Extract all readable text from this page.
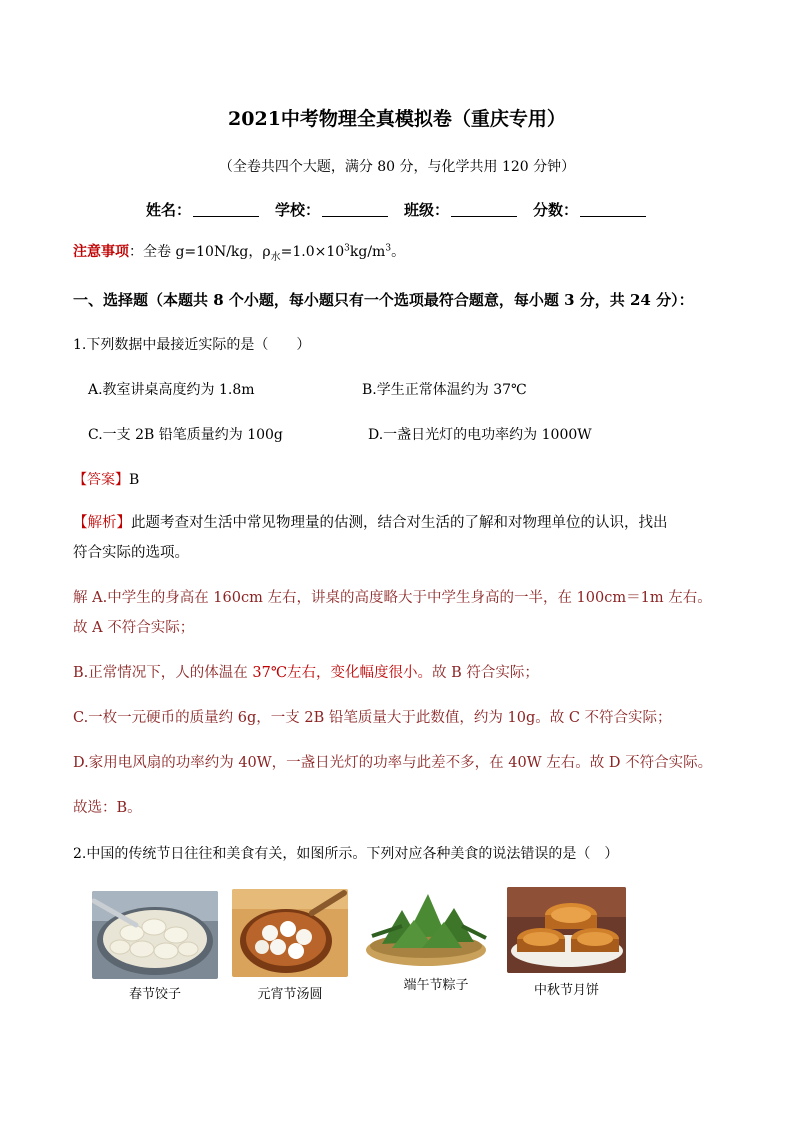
2021中考物理全真模拟卷（重庆专用）
（全卷共四个大题，满分 80 分，与化学共用 120 分钟）
姓名：	学校：	班级：	分数：
注意事项：全卷 g=10N/kg，$\rho_水=1.0\times 10^3kg/m^3$。
一、选择题（本题共 8 个小题，每小题只有一个选项最符合题意，每小题 3 分，共 24 分）：
1.下列数据中最接近实际的是（　　）
A.教室讲桌高度约为 1.8m	B.学生正常体温约为 37℃
C.一支 2B 铅笔质量约为 100g	D.一盏日光灯的电功率约为 1000W
【答案】B
【解析】此题考查对生活中常见物理量的估测，结合对生活的了解和对物理单位的认识，找出
符合实际的选项。
解 A.中学生的身高在 160cm 左右，讲桌的高度略大于中学生身高的一半，在 100cm＝1m 左右。
故 A 不符合实际；
B.正常情况下，人的体温在 37℃左右，变化幅度很小。故 B 符合实际；
C.一枚一元硬币的质量约 6g，一支 2B 铅笔质量大于此数值，约为 10g。故 C 不符合实际；
D.家用电风扇的功率约为 40W，一盏日光灯的功率与此差不多，在 40W 左右。故 D 不符合实际。
故选：B。
2.中国的传统节日往往和美食有关，如图所示。下列对应各种美食的说法错误的是（　）
春节饺子	元宵节汤圆
端午节粽子	中秋节月饼
